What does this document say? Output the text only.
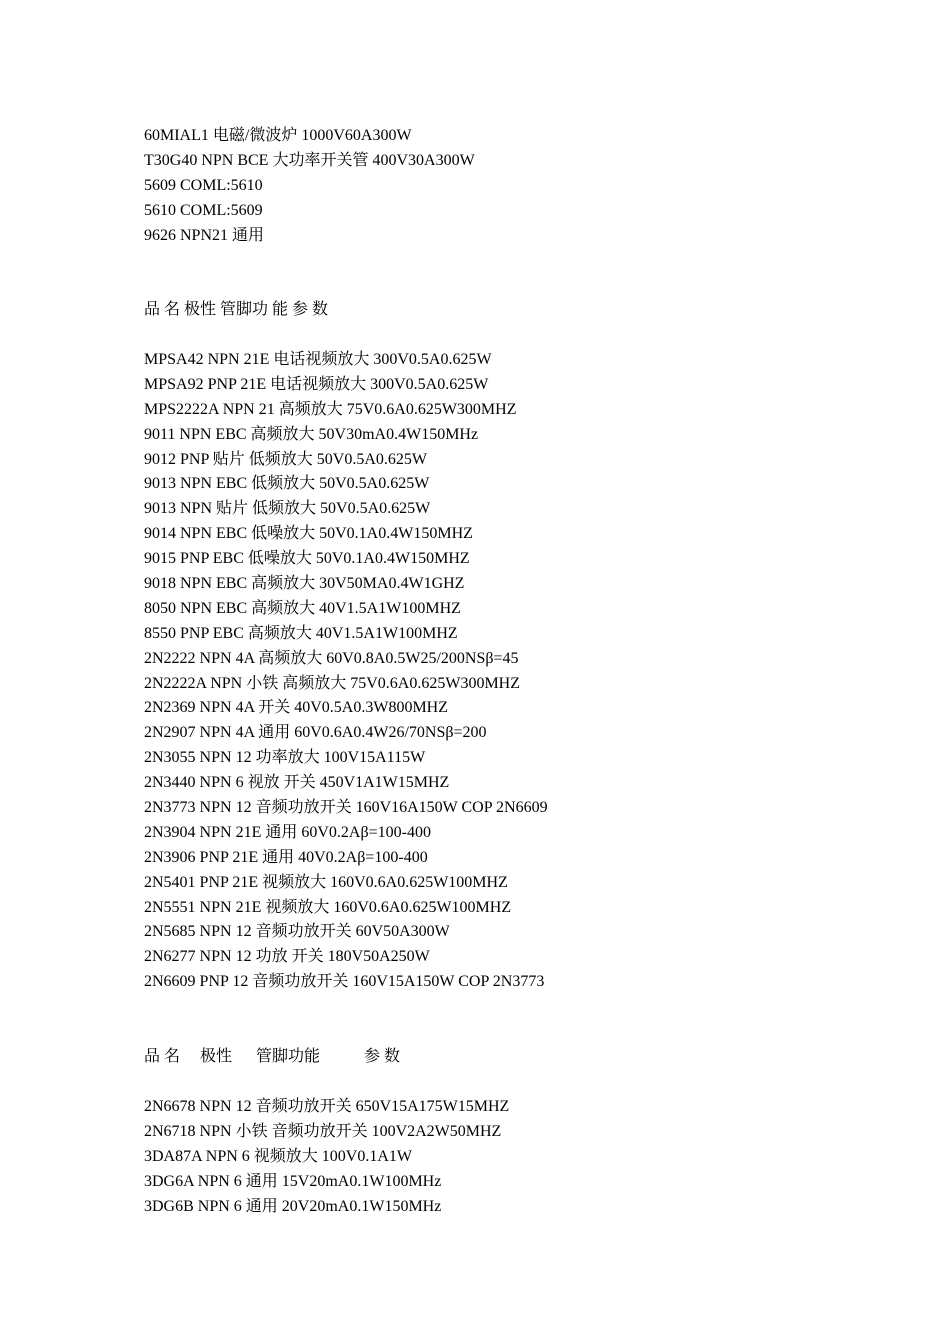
60MIAL1 电磁/微波炉 1000V60A300W
T30G40 NPN BCE 大功率开关管 400V30A300W
5609 COML:5610
5610 COML:5609
9626 NPN21 通用
品 名 极性 管脚功 能 参 数
MPSA42 NPN 21E 电话视频放大 300V0.5A0.625W
MPSA92 PNP 21E 电话视频放大 300V0.5A0.625W
MPS2222A NPN 21 高频放大 75V0.6A0.625W300MHZ
9011 NPN EBC 高频放大 50V30mA0.4W150MHz
9012 PNP 贴片 低频放大 50V0.5A0.625W
9013 NPN EBC 低频放大 50V0.5A0.625W
9013 NPN 贴片 低频放大 50V0.5A0.625W
9014 NPN EBC 低噪放大 50V0.1A0.4W150MHZ
9015 PNP EBC 低噪放大 50V0.1A0.4W150MHZ
9018 NPN EBC 高频放大 30V50MA0.4W1GHZ
8050 NPN EBC 高频放大 40V1.5A1W100MHZ
8550 PNP EBC 高频放大 40V1.5A1W100MHZ
2N2222 NPN 4A 高频放大 60V0.8A0.5W25/200NSβ=45
2N2222A NPN 小铁 高频放大 75V0.6A0.625W300MHZ
2N2369 NPN 4A 开关 40V0.5A0.3W800MHZ
2N2907 NPN 4A 通用 60V0.6A0.4W26/70NSβ=200
2N3055 NPN 12 功率放大 100V15A115W
2N3440 NPN 6 视放 开关 450V1A1W15MHZ
2N3773 NPN 12 音频功放开关 160V16A150W COP 2N6609
2N3904 NPN 21E 通用 60V0.2Aβ=100-400
2N3906 PNP 21E 通用 40V0.2Aβ=100-400
2N5401 PNP 21E 视频放大 160V0.6A0.625W100MHZ
2N5551 NPN 21E 视频放大 160V0.6A0.625W100MHZ
2N5685 NPN 12 音频功放开关 60V50A300W
2N6277 NPN 12 功放 开关 180V50A250W
2N6609 PNP 12 音频功放开关 160V15A150W COP 2N3773
品 名     极性      管脚功能           参 数
2N6678 NPN 12 音频功放开关 650V15A175W15MHZ
2N6718 NPN 小铁 音频功放开关 100V2A2W50MHZ
3DA87A NPN 6 视频放大 100V0.1A1W
3DG6A NPN 6 通用 15V20mA0.1W100MHz
3DG6B NPN 6 通用 20V20mA0.1W150MHz
